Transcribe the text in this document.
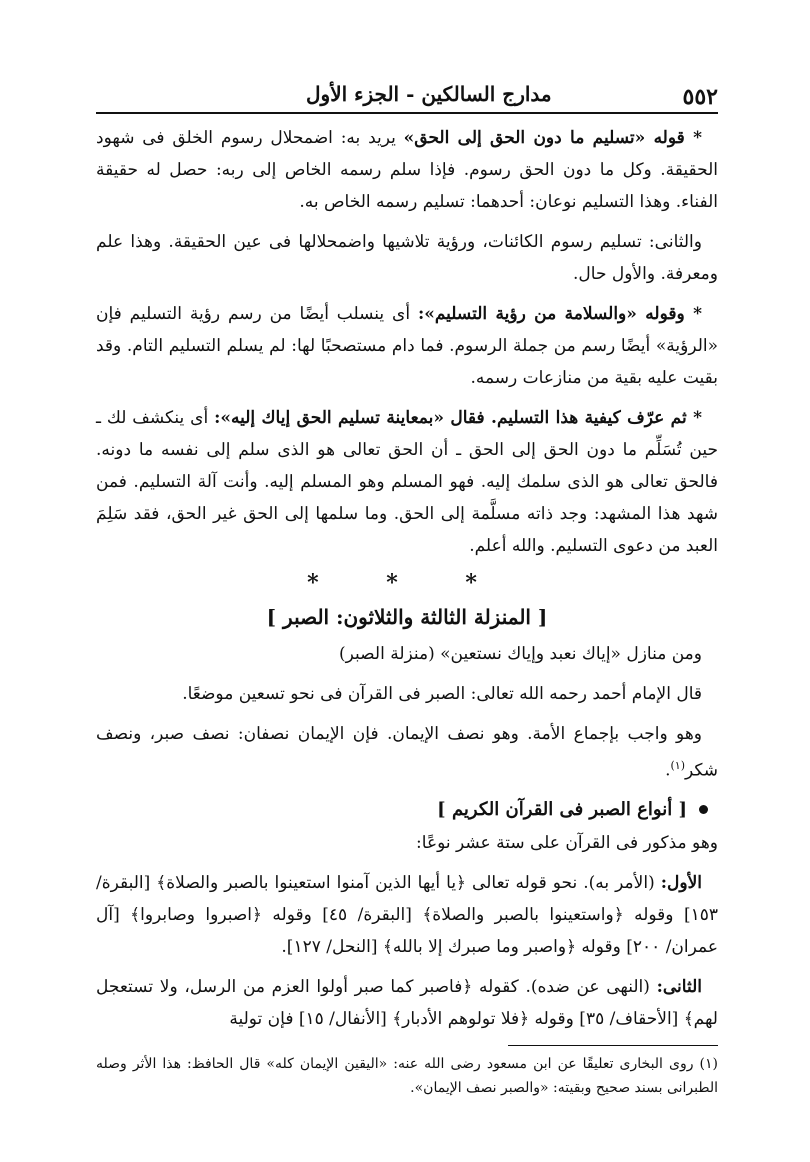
٥٥٢
مدارج السالكين - الجزء الأول

* قوله «تسليم ما دون الحق إلى الحق» يريد به: اضمحلال رسوم الخلق فى شهود الحقيقة. وكل ما دون الحق رسوم. فإذا سلم رسمه الخاص إلى ربه: حصل له حقيقة الفناء. وهذا التسليم نوعان: أحدهما: تسليم رسمه الخاص به.

والثانى: تسليم رسوم الكائنات، ورؤية تلاشيها واضمحلالها فى عين الحقيقة. وهذا علم ومعرفة. والأول حال.

* وقوله «والسلامة من رؤية التسليم»: أى ينسلب أيضًا من رسم رؤية التسليم فإن «الرؤية» أيضًا رسم من جملة الرسوم. فما دام مستصحبًا لها: لم يسلم التسليم التام. وقد بقيت عليه بقية من منازعات رسمه.

* ثم عرّف كيفية هذا التسليم. فقال «بمعاينة تسليم الحق إياك إليه»: أى ينكشف لك ـ حين تُسَلِّم ما دون الحق إلى الحق ـ أن الحق تعالى هو الذى سلم إلى نفسه ما دونه. فالحق تعالى هو الذى سلمك إليه. فهو المسلم وهو المسلم إليه. وأنت آلة التسليم. فمن شهد هذا المشهد: وجد ذاته مسلَّمة إلى الحق. وما سلمها إلى الحق غير الحق، فقد سَلِمَ العبد من دعوى التسليم. والله أعلم.

* * *
[ المنزلة الثالثة والثلاثون: الصبر ]

ومن منازل «إياك نعبد وإياك نستعين» (منزلة الصبر)

قال الإمام أحمد رحمه الله تعالى: الصبر فى القرآن فى نحو تسعين موضعًا.

وهو واجب بإجماع الأمة. وهو نصف الإيمان. فإن الإيمان نصفان: نصف صبر، ونصف شكر$^{(١)}$.

[ أنواع الصبر فى القرآن الكريم ]

وهو مذكور فى القرآن على ستة عشر نوعًا:

الأول: (الأمر به). نحو قوله تعالى ﴿يا أيها الذين آمنوا استعينوا بالصبر والصلاة﴾ [البقرة/ ١٥٣] وقوله ﴿واستعينوا بالصبر والصلاة﴾ [البقرة/ ٤٥] وقوله ﴿اصبروا وصابروا﴾ [آل عمران/ ٢٠٠] وقوله ﴿واصبر وما صبرك إلا بالله﴾ [النحل/ ١٢٧].

الثانى: (النهى عن ضده). كقوله ﴿فاصبر كما صبر أولوا العزم من الرسل، ولا تستعجل لهم﴾ [الأحقاف/ ٣٥] وقوله ﴿فلا تولوهم الأدبار﴾ [الأنفال/ ١٥] فإن تولية

(١) روى البخارى تعليقًا عن ابن مسعود رضى الله عنه: «اليقين الإيمان كله» قال الحافظ: هذا الأثر وصله الطبرانى بسند صحيح وبقيته: «والصبر نصف الإيمان».
